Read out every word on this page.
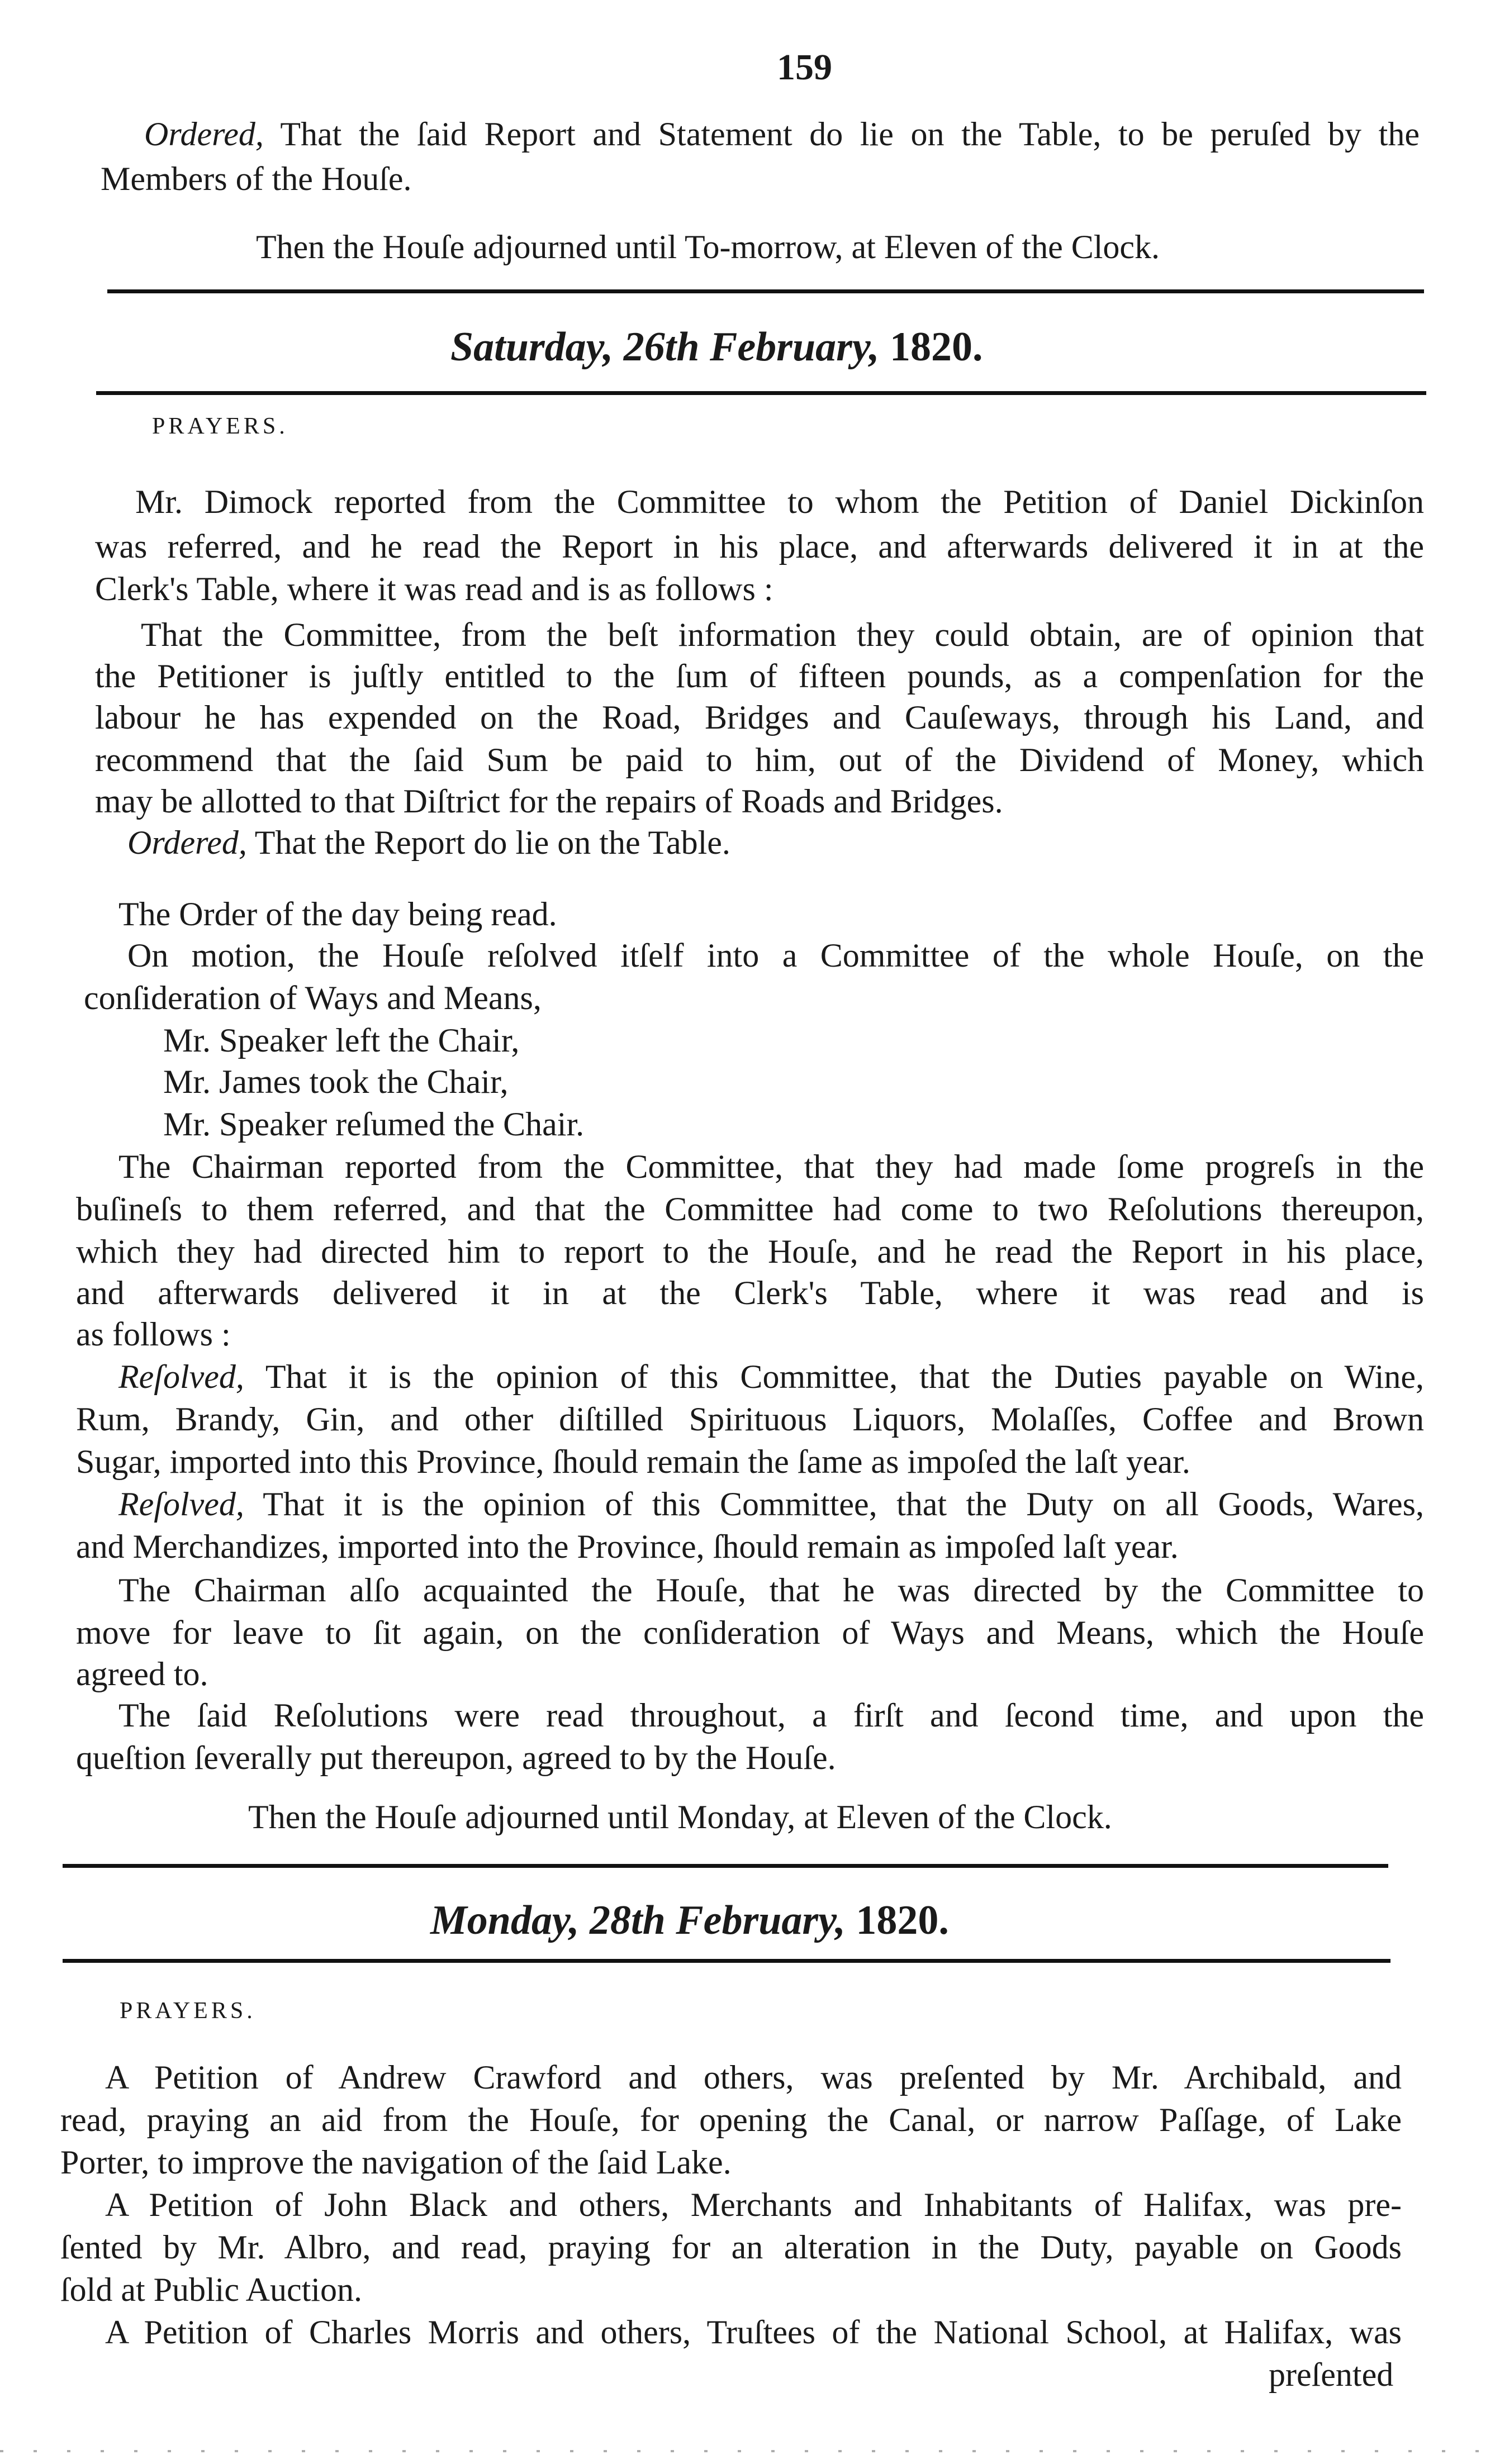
159
Ordered, That the ſaid Report and Statement do lie on the Table, to be peruſed by the
Members of the Houſe.
Then the Houſe adjourned until To-morrow, at Eleven of the Clock.
Saturday, 26th February, 1820.
PRAYERS.
Mr. Dimock reported from the Committee to whom the Petition of Daniel Dickinſon
was referred, and he read the Report in his place, and afterwards delivered it in at the
Clerk's Table, where it was read and is as follows :
That the Committee, from the beſt information they could obtain, are of opinion that
the Petitioner is juſtly entitled to the ſum of fifteen pounds, as a compenſation for the
labour he has expended on the Road, Bridges and Cauſeways, through his Land, and
recommend that the ſaid Sum be paid to him, out of the Dividend of Money, which
may be allotted to that Diſtrict for the repairs of Roads and Bridges.
Ordered, That the Report do lie on the Table.
The Order of the day being read.
On motion, the Houſe reſolved itſelf into a Committee of the whole Houſe, on the
conſideration of Ways and Means,
Mr. Speaker left the Chair,
Mr. James took the Chair,
Mr. Speaker reſumed the Chair.
The Chairman reported from the Committee, that they had made ſome progreſs in the
buſineſs to them referred, and that the Committee had come to two Reſolutions thereupon,
which they had directed him to report to the Houſe, and he read the Report in his place,
and afterwards delivered it in at the Clerk's Table, where it was read and is
as follows :
Reſolved, That it is the opinion of this Committee, that the Duties payable on Wine,
Rum, Brandy, Gin, and other diſtilled Spirituous Liquors, Molaſſes, Coffee and Brown
Sugar, imported into this Province, ſhould remain the ſame as impoſed the laſt year.
Reſolved, That it is the opinion of this Committee, that the Duty on all Goods, Wares,
and Merchandizes, imported into the Province, ſhould remain as impoſed laſt year.
The Chairman alſo acquainted the Houſe, that he was directed by the Committee to
move for leave to ſit again, on the conſideration of Ways and Means, which the Houſe
agreed to.
The ſaid Reſolutions were read throughout, a firſt and ſecond time, and upon the
queſtion ſeverally put thereupon, agreed to by the Houſe.
Then the Houſe adjourned until Monday, at Eleven of the Clock.
Monday, 28th February, 1820.
PRAYERS.
A Petition of Andrew Crawford and others, was preſented by Mr. Archibald, and
read, praying an aid from the Houſe, for opening the Canal, or narrow Paſſage, of Lake
Porter, to improve the navigation of the ſaid Lake.
A Petition of John Black and others, Merchants and Inhabitants of Halifax, was pre-
ſented by Mr. Albro, and read, praying for an alteration in the Duty, payable on Goods
ſold at Public Auction.
A Petition of Charles Morris and others, Truſtees of the National School, at Halifax, was
preſented
